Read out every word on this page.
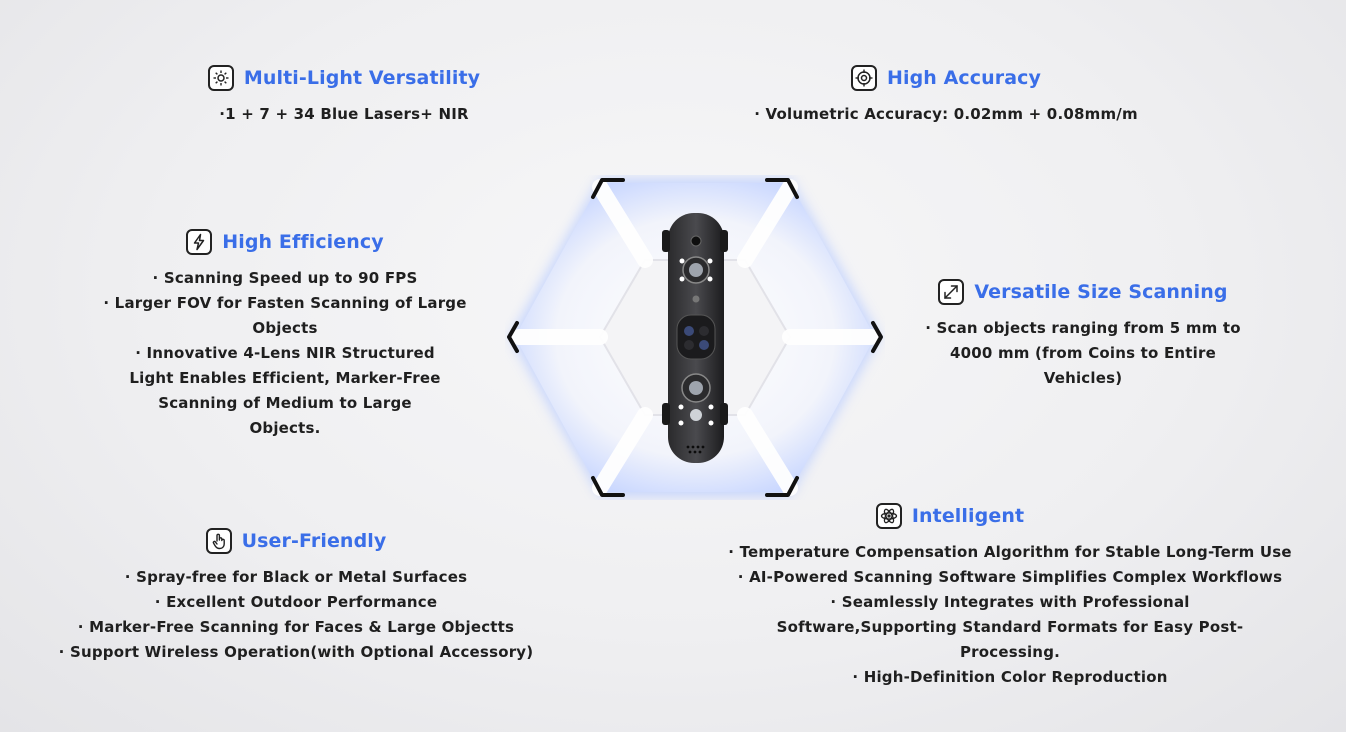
Multi-Light Versatility
·1 + 7 + 34 Blue Lasers+ NIR
High Accuracy
· Volumetric Accuracy: 0.02mm + 0.08mm/m
High Efficiency
· Scanning Speed up to 90 FPS
· Larger FOV for Fasten Scanning of Large
Objects
· Innovative 4-Lens NIR Structured
Light Enables Efficient, Marker-Free
Scanning of Medium to Large
Objects.
Versatile Size Scanning
· Scan objects ranging from 5 mm to
4000 mm (from Coins to Entire
Vehicles)
User-Friendly
· Spray-free for Black or Metal Surfaces
· Excellent Outdoor Performance
· Marker-Free Scanning for Faces & Large Objectts
· Support Wireless Operation(with Optional Accessory)
Intelligent
· Temperature Compensation Algorithm for Stable Long-Term Use
· AI-Powered Scanning Software Simplifies Complex Workflows
· Seamlessly Integrates with Professional
Software,Supporting Standard Formats for Easy Post-
Processing.
· High-Definition Color Reproduction
